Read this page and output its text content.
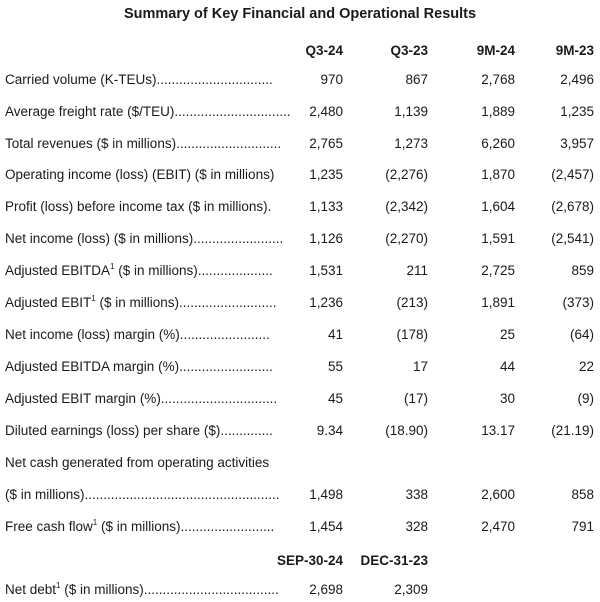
Summary of Key Financial and Operational Results
Q3-24	Q3-23	9M-24	9M-23
Carried volume (K-TEUs)...............................	970	867	2,768	2,496
Average freight rate ($/TEU)............................... 2,480	1,139	1,889	1,235
Total revenues ($ in millions)............................ 2,765	1,273	6,260	3,957
Operating income (loss) (EBIT) ($ in millions)	1,235	(2,276)	1,870	(2,457)
Profit (loss) before income tax ($ in millions).	1,133	(2,342)	1,604	(2,678)
Net income (loss) ($ in millions)........................ 1,126	(2,270)	1,591	(2,541)
Adjusted EBITDA$^1$ ($ in millions)....................	1,531	211	2,725	859
Adjusted EBIT$^1$ ($ in millions).......................... 1,236	(213)	1,891	(373)
Net income (loss) margin (%)........................	41	(178)	25	(64)
Adjusted EBITDA margin (%).........................	55	17	44	22
Adjusted EBIT margin (%)...............................	45	(17)	30	(9)
Diluted earnings (loss) per share ($)..............	9.34	(18.90)	13.17	(21.19)
Net cash generated from operating activities
($ in millions).................................................... 1,498	338	2,600	858
Free cash flow$^1$ ($ in millions).........................	1,454	328	2,470	791
SEP-30-24 DEC-31-23
Net debt$^1$ ($ in millions).................................... 2,698	2,309
